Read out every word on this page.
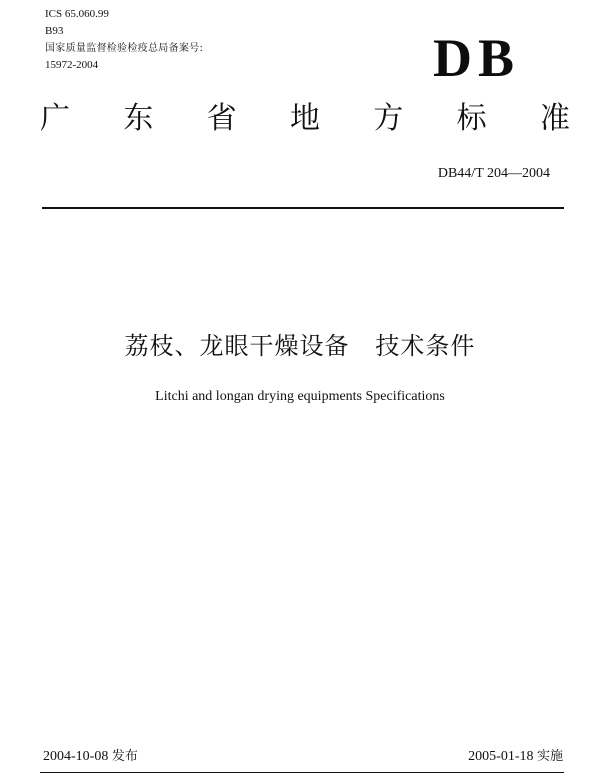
ICS 65.060.99
B93
国家质量监督检验检疫总局备案号:
15972-2004	DB
广 东 省 地 方 标 准
DB44/T 204—2004
荔枝、龙眼干燥设备   技术条件
Litchi and longan drying equipments Specifications
2004-10-08 发布	2005-01-18 实施
